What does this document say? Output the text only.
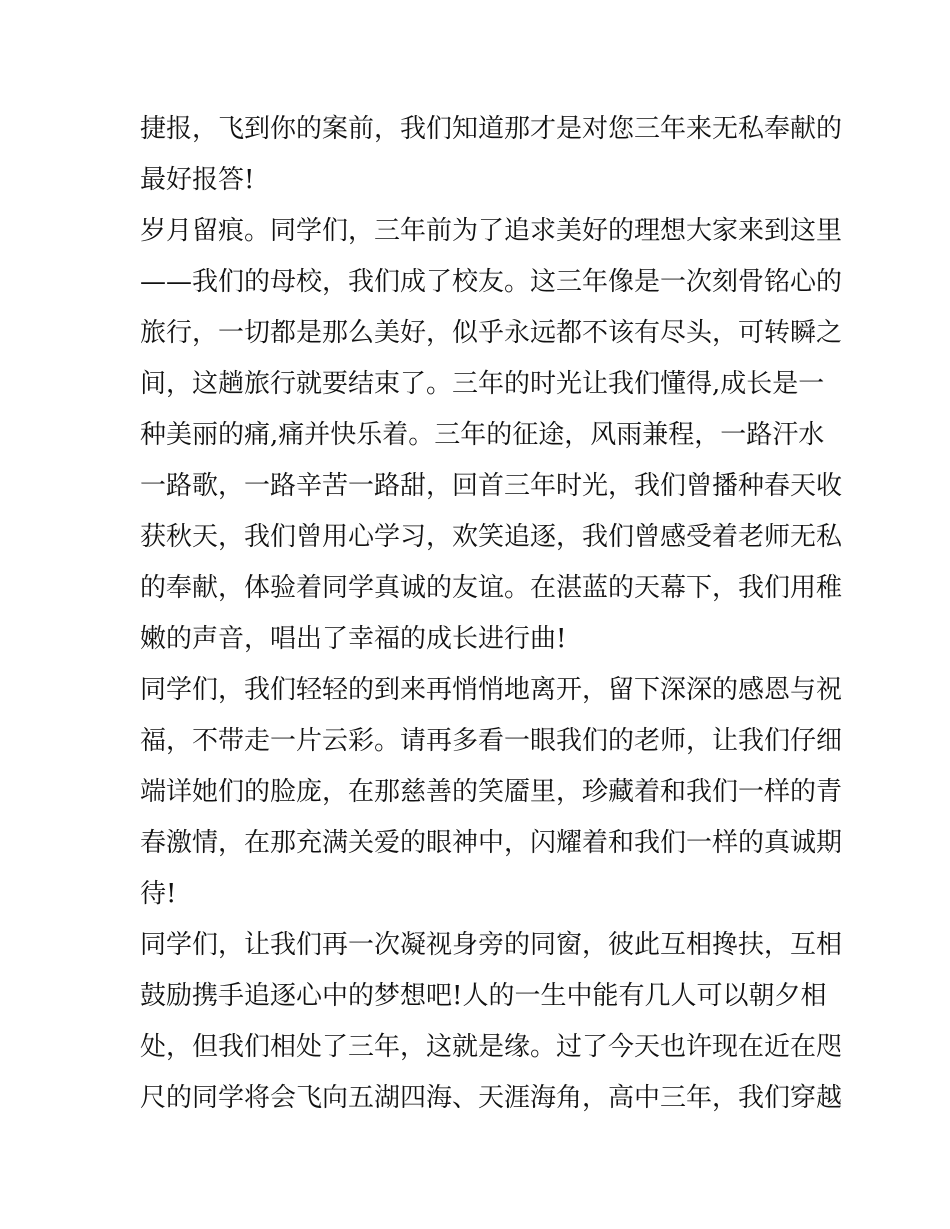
捷报，飞到你的案前，我们知道那才是对您三年来无私奉献的
最好报答!
岁月留痕。同学们，三年前为了追求美好的理想大家来到这里
——我们的母校，我们成了校友。这三年像是一次刻骨铭心的
旅行，一切都是那么美好，似乎永远都不该有尽头，可转瞬之
间，这趟旅行就要结束了。三年的时光让我们懂得,成长是一
种美丽的痛,痛并快乐着。三年的征途，风雨兼程，一路汗水
一路歌，一路辛苦一路甜，回首三年时光，我们曾播种春天收
获秋天，我们曾用心学习，欢笑追逐，我们曾感受着老师无私
的奉献，体验着同学真诚的友谊。在湛蓝的天幕下，我们用稚
嫩的声音，唱出了幸福的成长进行曲!
同学们，我们轻轻的到来再悄悄地离开，留下深深的感恩与祝
福，不带走一片云彩。请再多看一眼我们的老师，让我们仔细
端详她们的脸庞，在那慈善的笑靥里，珍藏着和我们一样的青
春激情，在那充满关爱的眼神中，闪耀着和我们一样的真诚期
待!
同学们，让我们再一次凝视身旁的同窗，彼此互相搀扶，互相
鼓励携手追逐心中的梦想吧!人的一生中能有几人可以朝夕相
处，但我们相处了三年，这就是缘。过了今天也许现在近在咫
尺的同学将会飞向五湖四海、天涯海角，高中三年，我们穿越
